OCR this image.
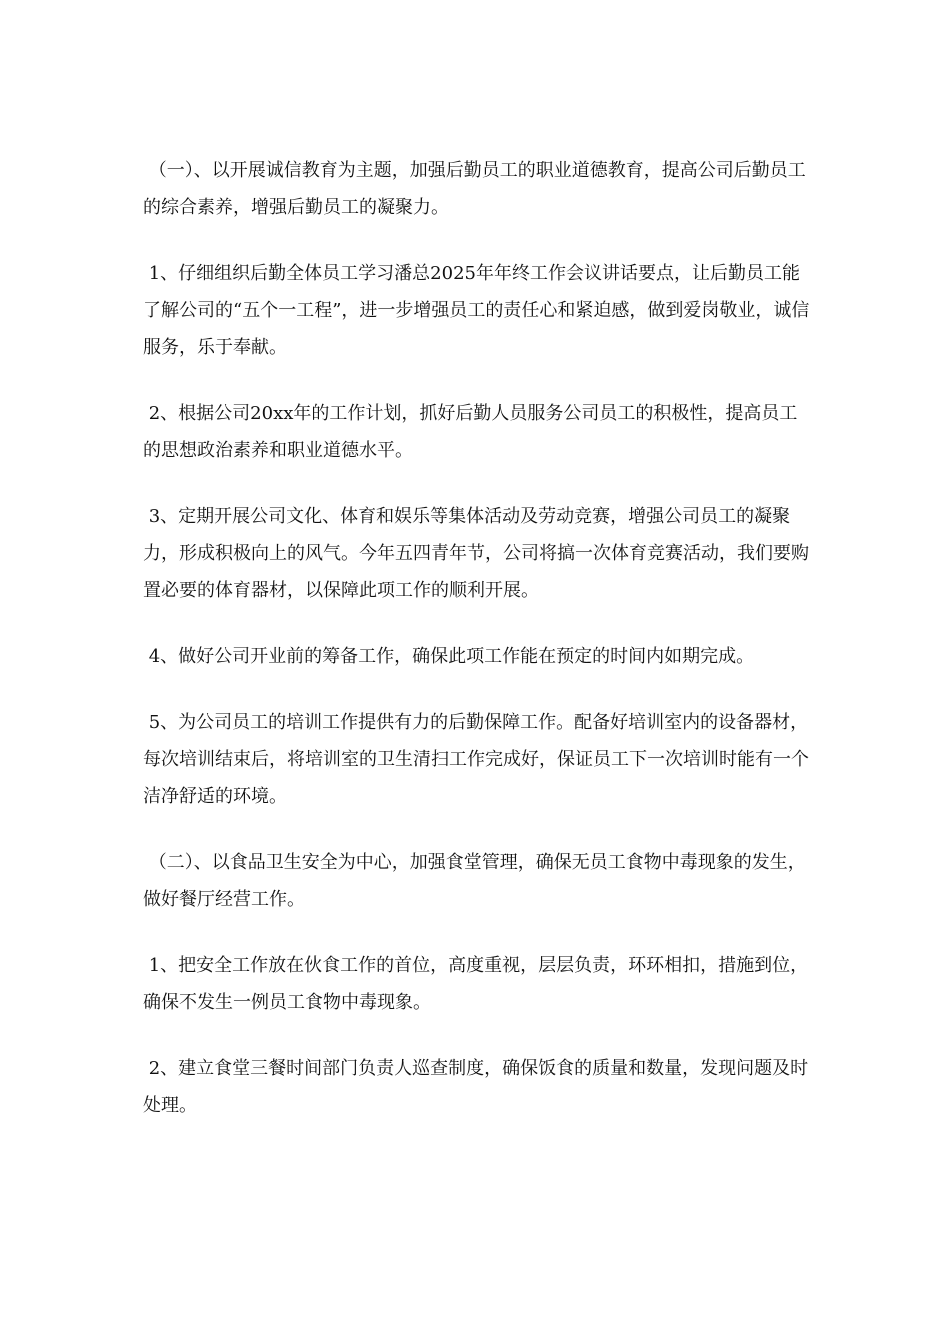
（一）、以开展诚信教育为主题，加强后勤员工的职业道德教育，提高公司后勤员工的综合素养，增强后勤员工的凝聚力。

1、仔细组织后勤全体员工学习潘总2025年年终工作会议讲话要点，让后勤员工能了解公司的“五个一工程”，进一步增强员工的责任心和紧迫感，做到爱岗敬业，诚信服务，乐于奉献。

2、根据公司20xx年的工作计划，抓好后勤人员服务公司员工的积极性，提高员工的思想政治素养和职业道德水平。

3、定期开展公司文化、体育和娱乐等集体活动及劳动竞赛，增强公司员工的凝聚力，形成积极向上的风气。今年五四青年节，公司将搞一次体育竞赛活动，我们要购置必要的体育器材，以保障此项工作的顺利开展。

4、做好公司开业前的筹备工作，确保此项工作能在预定的时间内如期完成。

5、为公司员工的培训工作提供有力的后勤保障工作。配备好培训室内的设备器材，每次培训结束后，将培训室的卫生清扫工作完成好，保证员工下一次培训时能有一个洁净舒适的环境。

（二）、以食品卫生安全为中心，加强食堂管理，确保无员工食物中毒现象的发生，做好餐厅经营工作。

1、把安全工作放在伙食工作的首位，高度重视，层层负责，环环相扣，措施到位，确保不发生一例员工食物中毒现象。

2、建立食堂三餐时间部门负责人巡查制度，确保饭食的质量和数量，发现问题及时处理。
